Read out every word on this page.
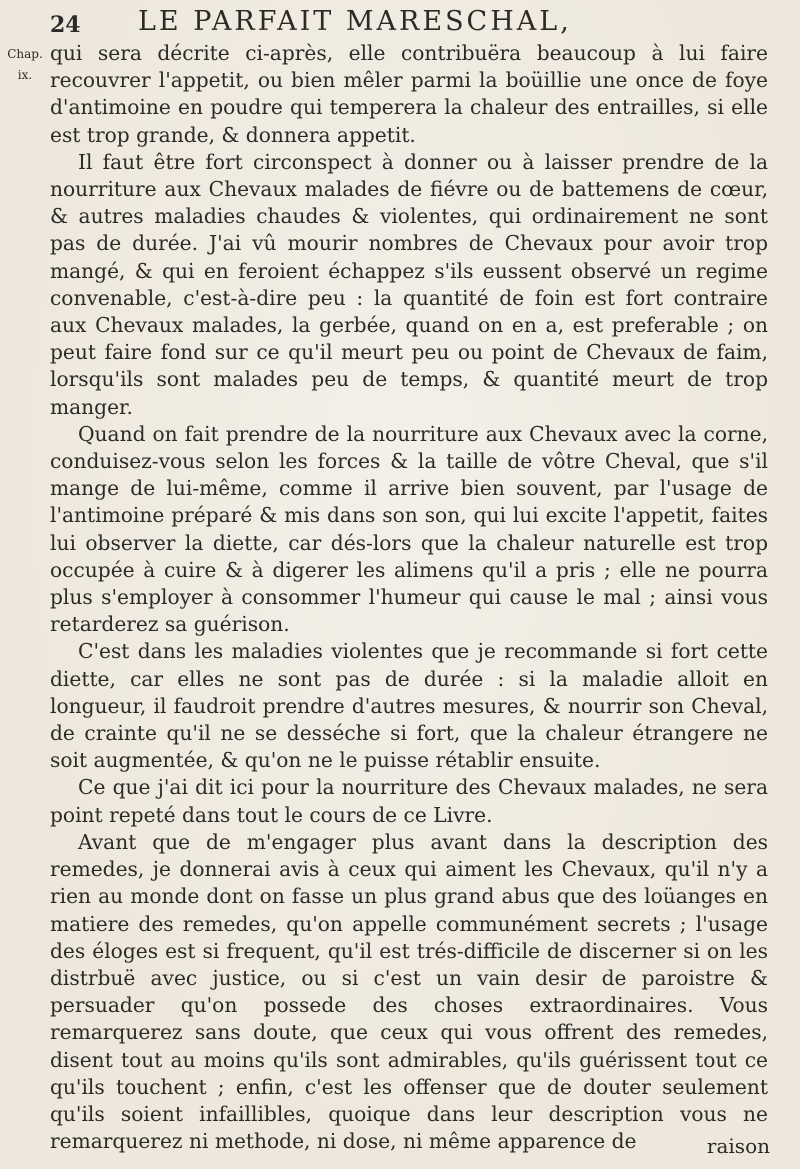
24 LE PARFAIT MARESCHAL,
Chap.
ix.

qui sera décrite ci-après, elle contribuëra beaucoup à lui faire recouvrer l'appetit, ou bien mêler parmi la boüillie une once de foye d'antimoine en poudre qui temperera la chaleur des entrailles, si elle est trop grande, & donnera appetit.

Il faut être fort circonspect à donner ou à laisser prendre de la nourriture aux Chevaux malades de fiévre ou de battemens de cœur, & autres maladies chaudes & violentes, qui ordinairement ne sont pas de durée. J'ai vû mourir nombres de Chevaux pour avoir trop mangé, & qui en feroient échappez s'ils eussent observé un regime convenable, c'est-à-dire peu : la quantité de foin est fort contraire aux Chevaux malades, la gerbée, quand on en a, est preferable ; on peut faire fond sur ce qu'il meurt peu ou point de Chevaux de faim, lorsqu'ils sont malades peu de temps, & quantité meurt de trop manger.

Quand on fait prendre de la nourriture aux Chevaux avec la corne, conduisez-vous selon les forces & la taille de vôtre Cheval, que s'il mange de lui-même, comme il arrive bien souvent, par l'usage de l'antimoine préparé & mis dans son son, qui lui excite l'appetit, faites lui observer la diette, car dés-lors que la chaleur naturelle est trop occupée à cuire & à digerer les alimens qu'il a pris ; elle ne pourra plus s'employer à consommer l'humeur qui cause le mal ; ainsi vous retarderez sa guérison.

C'est dans les maladies violentes que je recommande si fort cette diette, car elles ne sont pas de durée : si la maladie alloit en longueur, il faudroit prendre d'autres mesures, & nourrir son Cheval, de crainte qu'il ne se desséche si fort, que la chaleur étrangere ne soit augmentée, & qu'on ne le puisse rétablir ensuite.

Ce que j'ai dit ici pour la nourriture des Chevaux malades, ne sera point repeté dans tout le cours de ce Livre.

Avant que de m'engager plus avant dans la description des remedes, je donnerai avis à ceux qui aiment les Chevaux, qu'il n'y a rien au monde dont on fasse un plus grand abus que des loüanges en matiere des remedes, qu'on appelle communément secrets ; l'usage des éloges est si frequent, qu'il est trés-difficile de discerner si on les distrbuë avec justice, ou si c'est un vain desir de paroistre & persuader qu'on possede des choses extraordinaires. Vous remarquerez sans doute, que ceux qui vous offrent des remedes, disent tout au moins qu'ils sont admirables, qu'ils guérissent tout ce qu'ils touchent ; enfin, c'est les offenser que de douter seulement qu'ils soient infaillibles, quoique dans leur description vous ne remarquerez ni methode, ni dose, ni même apparence de	raison
